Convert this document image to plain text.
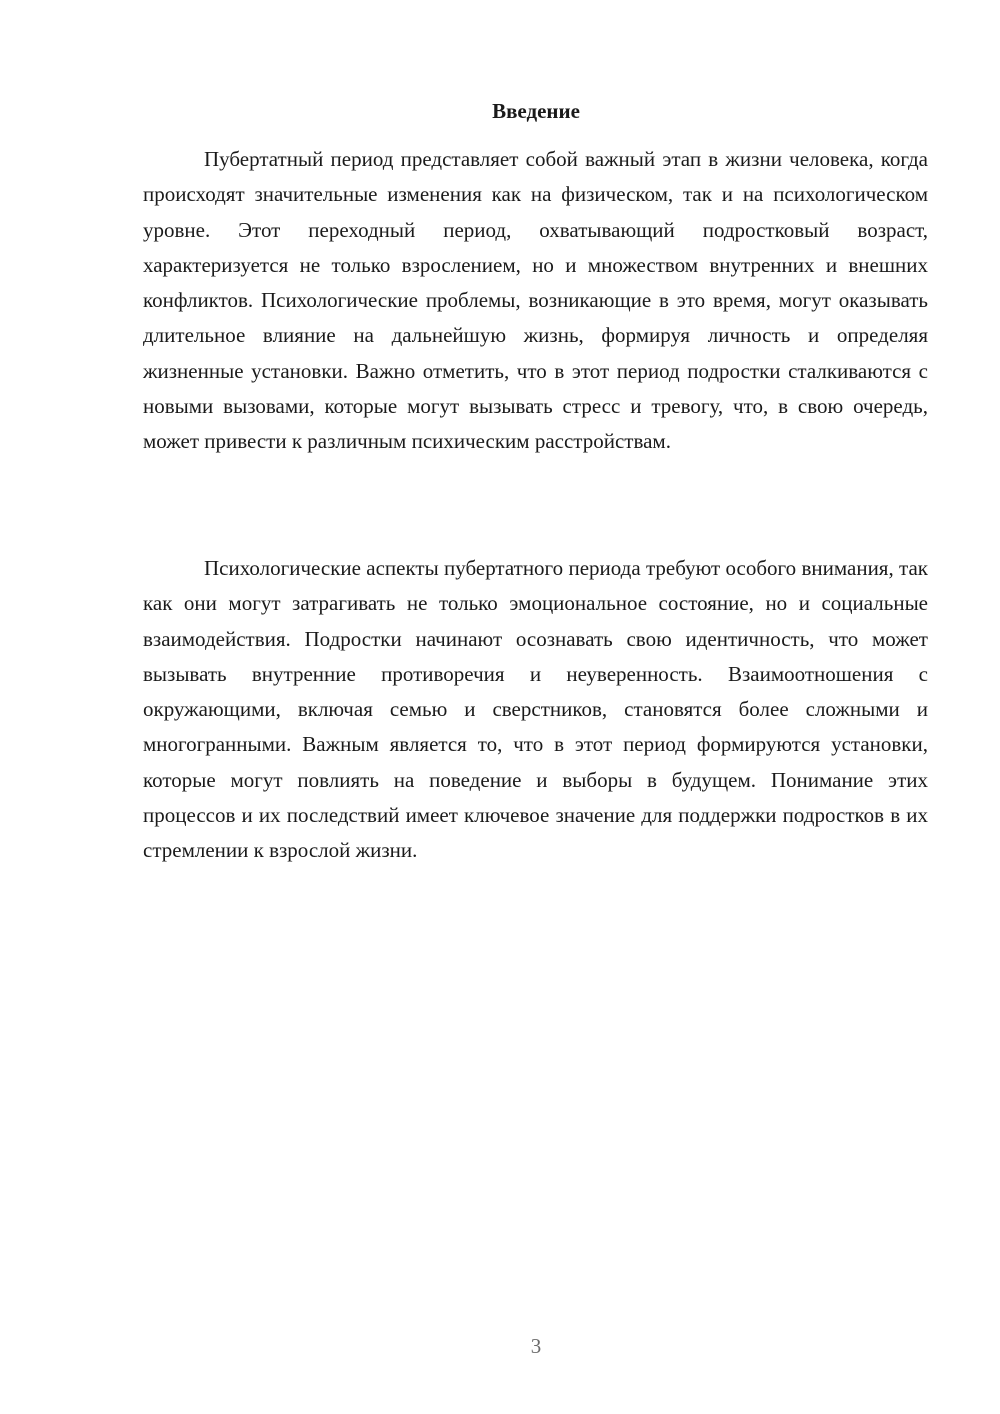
Введение

Пубертатный период представляет собой важный этап в жизни человека, когда происходят значительные изменения как на физическом, так и на психологическом уровне. Этот переходный период, охватывающий подростковый возраст, характеризуется не только взрослением, но и множеством внутренних и внешних конфликтов. Психологические проблемы, возникающие в это время, могут оказывать длительное влияние на дальнейшую жизнь, формируя личность и определяя жизненные установки. Важно отметить, что в этот период подростки сталкиваются с новыми вызовами, которые могут вызывать стресс и тревогу, что, в свою очередь, может привести к различным психическим расстройствам.

Психологические аспекты пубертатного периода требуют особого внимания, так как они могут затрагивать не только эмоциональное состояние, но и социальные взаимодействия. Подростки начинают осознавать свою идентичность, что может вызывать внутренние противоречия и неуверенность. Взаимоотношения с окружающими, включая семью и сверстников, становятся более сложными и многогранными. Важным является то, что в этот период формируются установки, которые могут повлиять на поведение и выборы в будущем. Понимание этих процессов и их последствий имеет ключевое значение для поддержки подростков в их стремлении к взрослой жизни.

3
